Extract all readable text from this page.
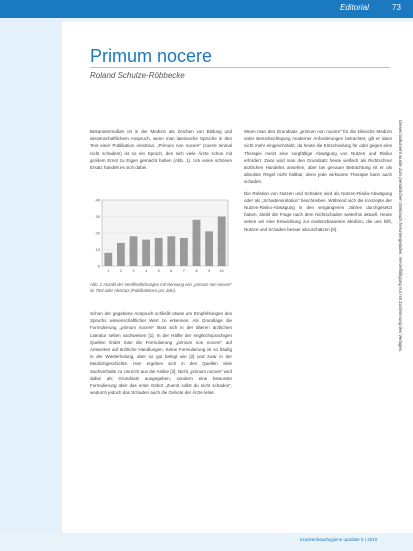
Editorial	73
Primum nocere
Roland Schulze-Röbbecke

Bekanntermaßen ist in der Medizin als Zeichen von Bildung und wissenschaftlichem Anspruch, wenn man lateinische Sprüche in den Text einer Publikation einstreut. „Primum non nocere“ (zuerst einmal nicht schaden!) ist so ein Spruch, den sich viele Ärzte schon mit großem Ernst zu Eigen gemacht haben (Abb. 1). Um einen schönen Ersatz handelt es sich dabei.

0
10
20
30
40
1	2	3	4	5	6	7	8	9	10
Abb. 1 Anzahl der Veröffentlichungen mit Nennung von „primum non nocere“ im Titel oder Abstract (Publikationen pro Jahr).

Schon der gegebene Anspruch schließt etwas um Empfehlungen des Spruchs wissenschaftlicher Wert zu erkennen. Als Grundlage die Formulierung „primum nocere“ lässt sich in der älteren ärztlichen Literatur selten nachweisen [1]. In der Hälfte der englischsprachigen Quellen findet man die Formulierung „primum non nocere“ auf Antworten auf ärztliche Handlungen. Keine Formulierung ist so häufig in der Wiederholung, aber so gut belegt wie [2] und zwar in der Medizingeschichte. Hier ergeben sich in den Quellen viele Sachverhalte zu Unrecht aus der Antike [3]. Nicht „primum nocere“ wird dabei als Grundsatz ausgegeben, sondern eine bewusste Formulierung über das erste Gebot „Zuerst sollst du nicht schaden“, wodurch jedoch das Schaden auch die Gebote der Ärzte leitet.

Wenn man den Grundsatz „primum non nocere“ für die klinische Medizin unter Berücksichtigung moderner Anforderungen betrachtet, gilt er dann nicht mehr eingeschränkt, da heute die Entscheidung für oder gegen eine Therapie meist eine sorgfältige Abwägung von Nutzen und Risiko erfordert. Zwar wird man den Grundsatz heute vielfach als Richtschnur ärztlichen Handelns ansehen, aber bei genauer Betrachtung ist er als absolute Regel nicht haltbar, denn jede wirksame Therapie kann auch schaden.

Die Relation von Nutzen und Schaden wird als Nutzen-Risiko-Abwägung oder als „Schadensrelation“ beschrieben. Während sich die Konzepte der Nutzen-Risiko-Abwägung in den vergangenen Jahren durchgesetzt haben, bleibt die Frage nach dem Nichtschaden weiterhin aktuell. Heute sehen wir eine Entwicklung zur evidenzbasierten Medizin, die uns hilft, Nutzen und Schaden besser abzuschätzen [6].	Dieses Dokument wurde zum persönlichen Gebrauch heruntergeladen. Vervielfältigung nur mit Zustimmung des Verlages.
Krankenhaushygiene up2date 5 | 2010
